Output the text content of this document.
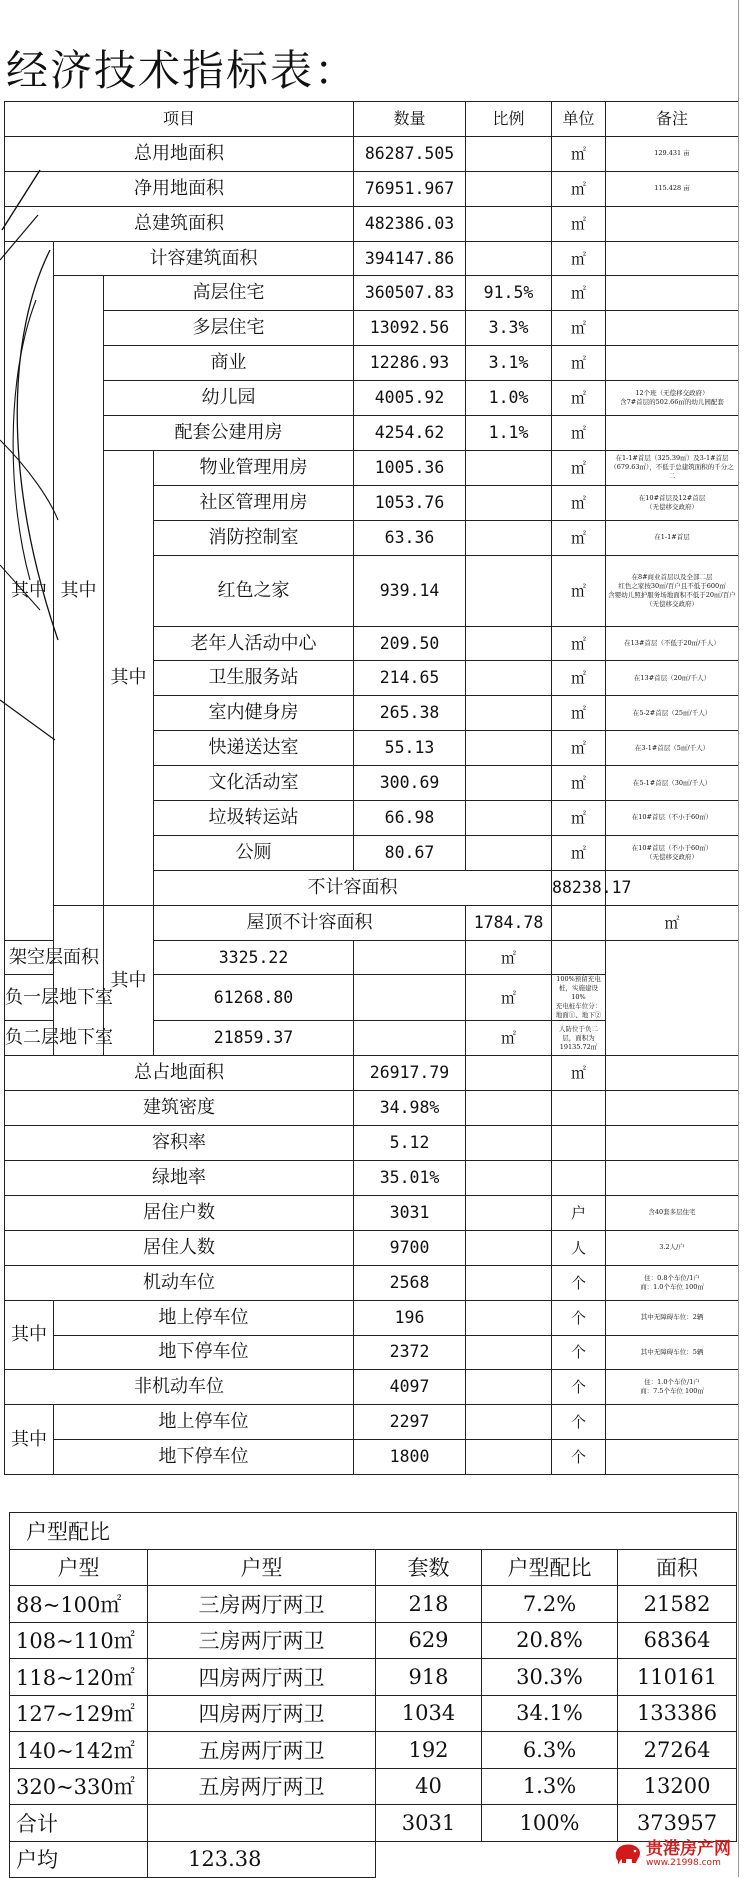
经济技术指标表：
项目				数量	比例	单位	备注	
总用地面积				86287.505		㎡	129.431 亩	
净用地面积				76951.967		㎡	115.428 亩	
总建筑面积				482386.03		㎡		
其中	计容建筑面积			394147.86		㎡		
	其中	高层住宅		360507.83	91.5%	㎡		
		多层住宅		13092.56	3.3%	㎡		
		商业		12286.93	3.1%	㎡		
		幼儿园		4005.92	1.0%	㎡	12个班（无偿移交政府）
含7#首层的502.66㎡的幼儿园配套	

		配套公建用房		4254.62	1.1%	㎡		
		其中	物业管理用房	1005.36		㎡	在1-1#首层（325.39㎡）及3-1#首层
（679.63㎡），不低于总建筑面积的千分之二	

			社区管理用房	1053.76		㎡	在10#首层及12#首层
（无偿移交政府）	

			消防控制室	63.36		㎡	在1-1#首层	
			红色之家	939.14		㎡	在8#商业首层以及全部二层
红色之家按30㎡/百户且不低于600㎡
含婴幼儿照护服务场地面积不低于20㎡/百户
（无偿移交政府）	

			老年人活动中心	209.50		㎡	在13#首层（不低于20㎡/千人）	
			卫生服务站	214.65		㎡	在13#首层（20㎡/千人）	
			室内健身房	265.38		㎡	在5-2#首层（25㎡/千人）	
			快递送达室	55.13		㎡	在3-1#首层（5㎡/千人）	
			文化活动室	300.69		㎡	在5-1#首层（30㎡/千人）	
			垃圾转运站	66.98		㎡	在10#首层（不小于60㎡）	
			公厕	80.67		㎡	在10#首层（不小于60㎡）
（无偿移交政府）	

			不计容面积			88238.17			
		其中	屋顶不计容面积		1784.78		㎡	
架空层面积			3325.22		㎡			
负一层地下室			61268.80		㎡	100%预留充电桩，实施建设10%
充电桩车位分：地面①、地下②		

负二层地下室			21859.37		㎡	人防位于负二层，面积为19135.72㎡		
总占地面积				26917.79		㎡		
建筑密度				34.98%				
容积率				5.12				
绿地率				35.01%				
居住户数				3031		户	含40套多层住宅	
居住人数				9700		人	3.2人/户	
机动车位				2568		个	住：0.8个车位/1户
商：1.0个车位 100㎡	

其中	地上停车位			196		个	其中无障碍车位：2辆	
	地下停车位			2372		个	其中无障碍车位：5辆	
非机动车位				4097		个	住：1.0个车位/1户
商：7.5个车位 100㎡	

其中	地上停车位			2297		个		
	地下停车位			1800		个		
户型配比				
户型	户型	套数	户型配比	面积
88~100㎡	三房两厅两卫	218	7.2%	21582
108~110㎡	三房两厅两卫	629	20.8%	68364
118~120㎡	四房两厅两卫	918	30.3%	110161
127~129㎡	四房两厅两卫	1034	34.1%	133386
140~142㎡	五房两厅两卫	192	6.3%	27264
320~330㎡	五房两厅两卫	40	1.3%	13200
合计		3031	100%	373957
户均	123.38				贵港房产网
www.21998.com
